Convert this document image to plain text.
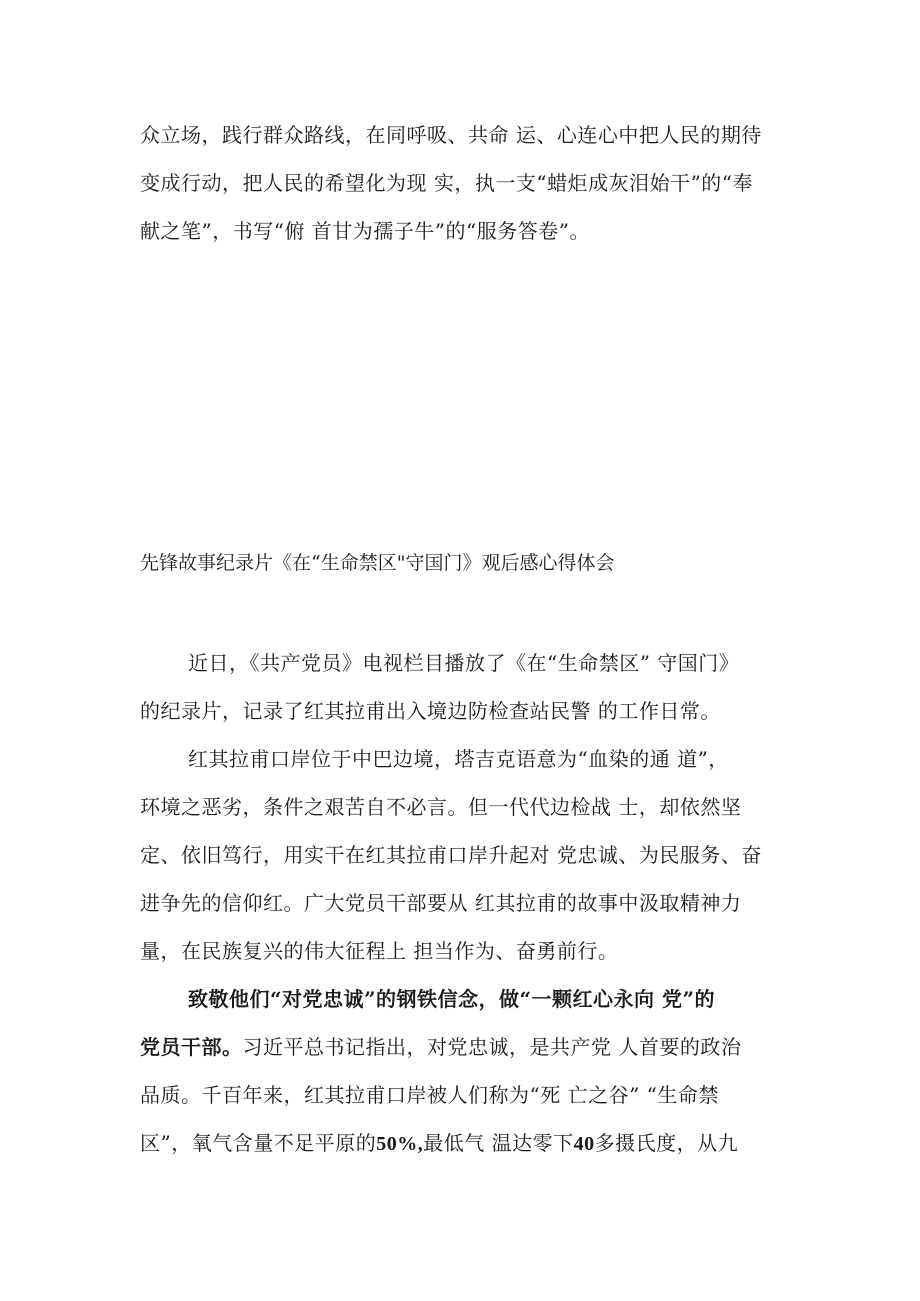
众立场，践行群众路线，在同呼吸、共命 运、心连心中把人民的期待
变成行动，把人民的希望化为现 实，执一支“蜡炬成灰泪始干”的“奉
献之笔”，书写“俯 首甘为孺子牛”的“服务答卷”。
先锋故事纪录片《在“生命禁区"守国门》观后感心得体会
近日，《共产党员》电视栏目播放了《在“生命禁区” 守国门》
的纪录片，记录了红其拉甫出入境边防检查站民警 的工作日常。
红其拉甫口岸位于中巴边境，塔吉克语意为“血染的通 道”，
环境之恶劣，条件之艰苦自不必言。但一代代边检战 士，却依然坚
定、依旧笃行，用实干在红其拉甫口岸升起对 党忠诚、为民服务、奋
进争先的信仰红。广大党员干部要从 红其拉甫的故事中汲取精神力
量，在民族复兴的伟大征程上 担当作为、奋勇前行。
致敬他们“对党忠诚”的钢铁信念，做“一颗红心永向 党”的
党员干部。习近平总书记指出，对党忠诚，是共产党 人首要的政治
品质。千百年来，红其拉甫口岸被人们称为“死 亡之谷” “生命禁
区”，氧气含量不足平原的50%,最低气 温达零下40多摄氏度，从九
